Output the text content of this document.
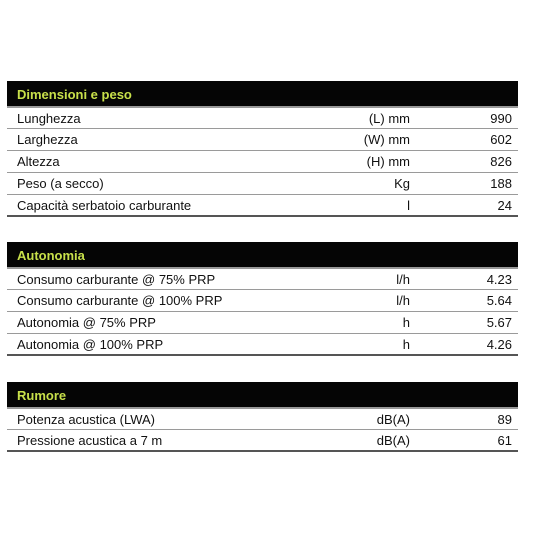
Dimensioni e peso
Lunghezza	(L) mm	990
Larghezza	(W) mm	602
Altezza	(H) mm	826
Peso (a secco)	Kg	188
Capacità serbatoio carburante	l	24
Autonomia
Consumo carburante @ 75% PRP	l/h	4.23
Consumo carburante @ 100% PRP	l/h	5.64
Autonomia @ 75% PRP	h	5.67
Autonomia @ 100% PRP	h	4.26
Rumore
Potenza acustica (LWA)	dB(A)	89
Pressione acustica a 7 m	dB(A)	61
